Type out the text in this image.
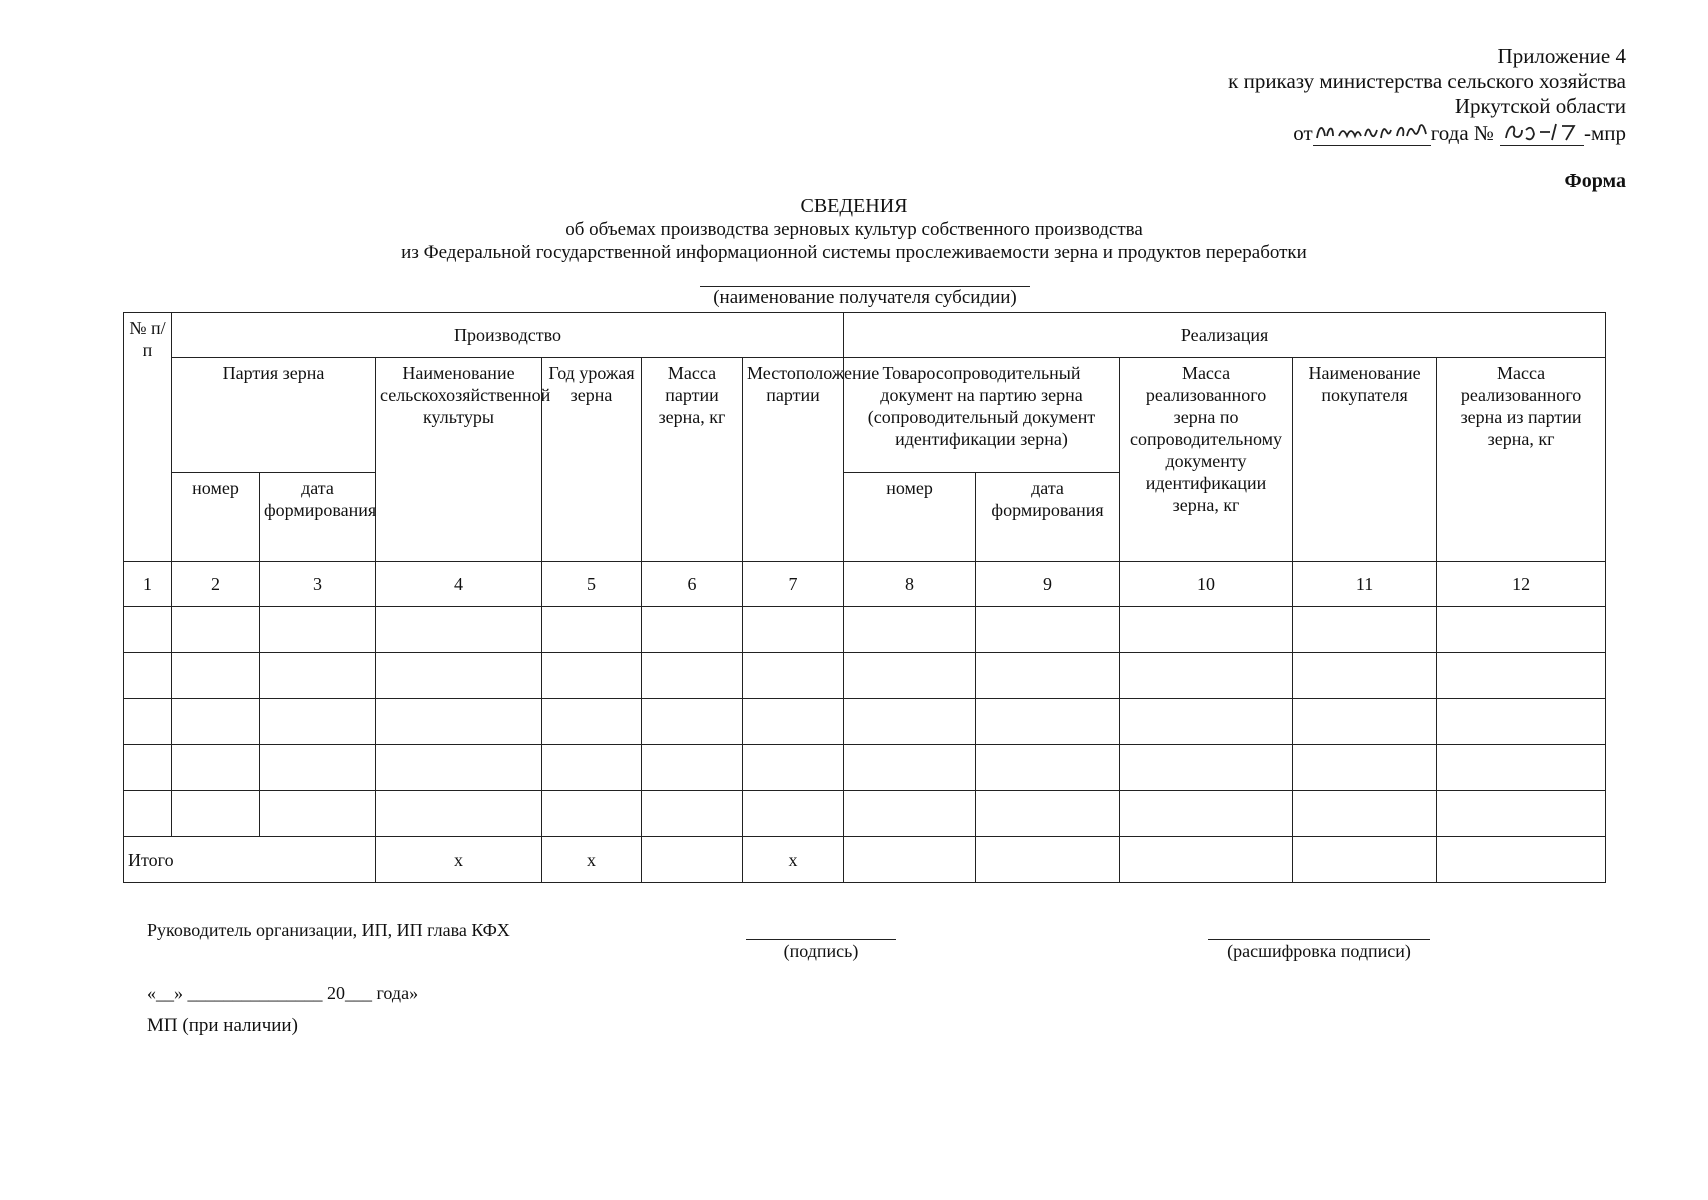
Приложение 4
к приказу министерства сельского хозяйства
Иркутской области
от	года №	-мпр
Форма
СВЕДЕНИЯ
об объемах производства зерновых культур собственного производства
из Федеральной государственной информационной системы прослеживаемости зерна и продуктов переработки
(наименование получателя субсидии)
№ п/п	Производство						Реализация				
	Партия зерна		Наименование сельскохозяйственной культуры	Год урожая зерна	Масса партии зерна, кг	Местоположение партии	Товаросопроводительный документ на партию зерна (сопроводительный документ идентификации зерна)		Масса реализованного зерна по сопроводительному документу идентификации зерна, кг	Наименование покупателя	Масса реализованного зерна из партии зерна, кг
	номер	дата формирования					номер	дата формирования			
1	2	3	4	5	6	7	8	9	10	11	12

Итого			х	х		х					
Руководитель организации, ИП, ИП глава КФХ
(подпись)	(расшифровка подписи)
«__» _______________ 20___ года»
МП (при наличии)
